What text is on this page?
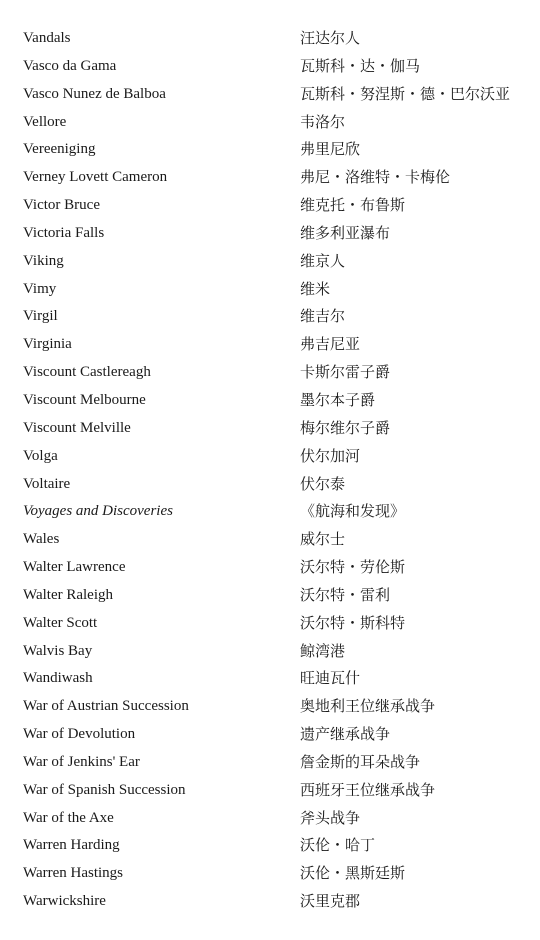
Vandals	汪达尔人
Vasco da Gama	瓦斯科・达・伽马
Vasco Nunez de Balboa	瓦斯科・努涅斯・德・巴尔沃亚
Vellore	韦洛尔
Vereeniging	弗里尼欣
Verney Lovett Cameron	弗尼・洛维特・卡梅伦
Victor Bruce	维克托・布鲁斯
Victoria Falls	维多利亚瀑布
Viking	维京人
Vimy	维米
Virgil	维吉尔
Virginia	弗吉尼亚
Viscount Castlereagh	卡斯尔雷子爵
Viscount Melbourne	墨尔本子爵
Viscount Melville	梅尔维尔子爵
Volga	伏尔加河
Voltaire	伏尔泰
Voyages and Discoveries	《航海和发现》
Wales	威尔士
Walter Lawrence	沃尔特・劳伦斯
Walter Raleigh	沃尔特・雷利
Walter Scott	沃尔特・斯科特
Walvis Bay	鲸湾港
Wandiwash	旺迪瓦什
War of Austrian Succession	奥地利王位继承战争
War of Devolution	遗产继承战争
War of Jenkins' Ear	詹金斯的耳朵战争
War of Spanish Succession	西班牙王位继承战争
War of the Axe	斧头战争
Warren Harding	沃伦・哈丁
Warren Hastings	沃伦・黑斯廷斯
Warwickshire	沃里克郡
